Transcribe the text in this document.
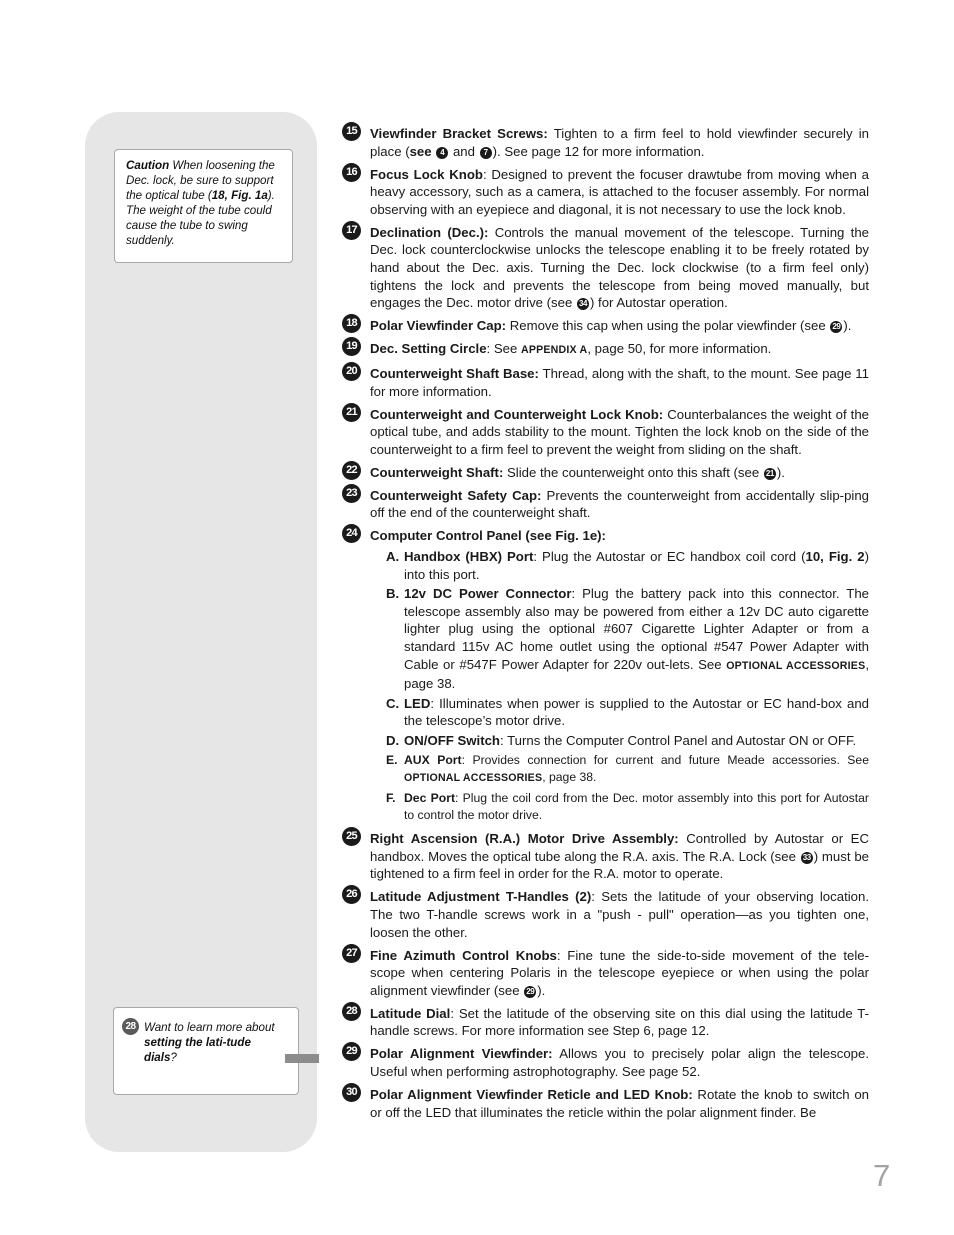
Caution When loosening the Dec. lock, be sure to support the optical tube (18, Fig. 1a). The weight of the tube could cause the tube to swing suddenly.
28 Want to learn more about setting the lati-tude dials?
15 Viewfinder Bracket Screws: Tighten to a firm feel to hold viewfinder securely in place (see 4 and 7 ). See page 12 for more information.
16 Focus Lock Knob: Designed to prevent the focuser drawtube from moving when a heavy accessory, such as a camera, is attached to the focuser assembly. For normal observing with an eyepiece and diagonal, it is not necessary to use the lock knob.
17 Declination (Dec.): Controls the manual movement of the telescope. Turning the Dec. lock counterclockwise unlocks the telescope enabling it to be freely rotated by hand about the Dec. axis. Turning the Dec. lock clockwise (to a firm feel only) tightens the lock and prevents the telescope from being moved manually, but engages the Dec. motor drive (see 34 ) for Autostar operation.
18 Polar Viewfinder Cap: Remove this cap when using the polar viewfinder (see 29 ).
19 Dec. Setting Circle: See APPENDIX A, page 50, for more information.
20 Counterweight Shaft Base: Thread, along with the shaft, to the mount. See page 11 for more information.
21 Counterweight and Counterweight Lock Knob: Counterbalances the weight of the optical tube, and adds stability to the mount. Tighten the lock knob on the side of the counterweight to a firm feel to prevent the weight from sliding on the shaft.
22 Counterweight Shaft: Slide the counterweight onto this shaft (see 21 ).
23 Counterweight Safety Cap: Prevents the counterweight from accidentally slip-ping off the end of the counterweight shaft.
24 Computer Control Panel (see Fig. 1e):
A. Handbox (HBX) Port: Plug the Autostar or EC handbox coil cord (10, Fig. 2) into this port.
B. 12v DC Power Connector: Plug the battery pack into this connector. The telescope assembly also may be powered from either a 12v DC auto cigarette lighter plug using the optional #607 Cigarette Lighter Adapter or from a standard 115v AC home outlet using the optional #547 Power Adapter with Cable or #547F Power Adapter for 220v out-lets. See OPTIONAL ACCESSORIES, page 38.
C. LED: Illuminates when power is supplied to the Autostar or EC hand-box and the telescope’s motor drive.
D. ON/OFF Switch: Turns the Computer Control Panel and Autostar ON or OFF.
E. AUX Port: Provides connection for current and future Meade accessories. See OPTIONAL ACCESSORIES, page 38.
F. Dec Port: Plug the coil cord from the Dec. motor assembly into this port for Autostar to control the motor drive.
25 Right Ascension (R.A.) Motor Drive Assembly: Controlled by Autostar or EC handbox. Moves the optical tube along the R.A. axis. The R.A. Lock (see 33 ) must be tightened to a firm feel in order for the R.A. motor to operate.
26 Latitude Adjustment T-Handles (2): Sets the latitude of your observing location. The two T-handle screws work in a "push - pull" operation—as you tighten one, loosen the other.
27 Fine Azimuth Control Knobs: Fine tune the side-to-side movement of the tele-scope when centering Polaris in the telescope eyepiece or when using the polar alignment viewfinder (see 29 ).
28 Latitude Dial: Set the latitude of the observing site on this dial using the latitude T-handle screws. For more information see Step 6, page 12.
29 Polar Alignment Viewfinder: Allows you to precisely polar align the telescope. Useful when performing astrophotography. See page 52.
30 Polar Alignment Viewfinder Reticle and LED Knob: Rotate the knob to switch on or off the LED that illuminates the reticle within the polar alignment finder. Be
7
